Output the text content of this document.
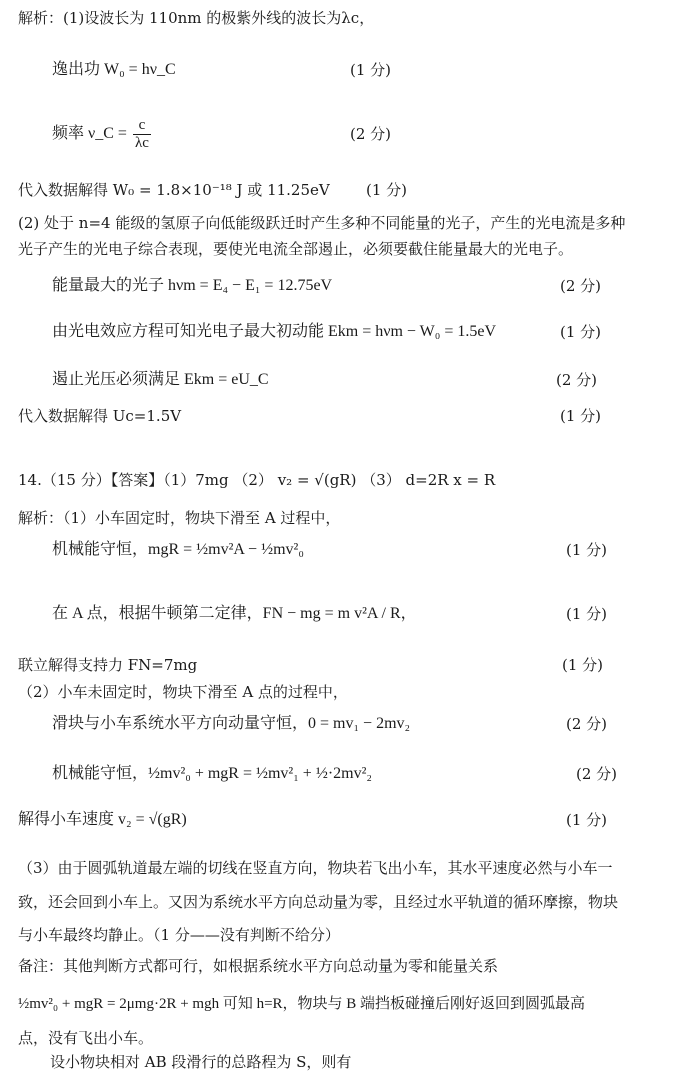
解析：(1)设波长为 110nm 的极紫外线的波长为λc，
逸出功 W₀ = hν_C	(1 分)
频率 ν_C = $\frac{c}{\lambda c}$	(2 分)
代入数据解得 W₀ = 1.8×10⁻¹⁸ J 或 11.25eV (1 分)
(2) 处于 n=4 能级的氢原子向低能级跃迁时产生多种不同能量的光子，产生的光电流是多种
光子产生的光电子综合表现，要使光电流全部遏止，必须要截住能量最大的光电子。
能量最大的光子 hνm = E₄ − E₁ = 12.75eV	(2 分)
由光电效应方程可知光电子最大初动能 Ekm = hνm − W₀ = 1.5eV	(1 分)
遏止光压必须满足 Ekm = eU_C	(2 分)
代入数据解得 Uc=1.5V	(1 分)
14.（15 分）【答案】（1）7mg （2） v₂ = √(gR) （3） d=2R x = R
解析：（1）小车固定时，物块下滑至 A 过程中，
机械能守恒，mgR = ½mv²A − ½mv²₀	(1 分)
在 A 点，根据牛顿第二定律，FN − mg = m v²A / R，	(1 分)
联立解得支持力 FN=7mg	(1 分)
（2）小车未固定时，物块下滑至 A 点的过程中，
滑块与小车系统水平方向动量守恒，0 = mv₁ − 2mv₂	(2 分)
机械能守恒，½mv²₀ + mgR = ½mv²₁ + ½·2mv²₂	(2 分)
解得小车速度 v₂ = √(gR)	(1 分)
（3）由于圆弧轨道最左端的切线在竖直方向，物块若飞出小车，其水平速度必然与小车一
致，还会回到小车上。又因为系统水平方向总动量为零，且经过水平轨道的循环摩擦，物块
与小车最终均静止。（1 分——没有判断不给分）
备注：其他判断方式都可行，如根据系统水平方向总动量为零和能量关系
½mv²₀ + mgR = 2μmg·2R + mgh 可知 h=R，物块与 B 端挡板碰撞后刚好返回到圆弧最高
点，没有飞出小车。
设小物块相对 AB 段滑行的总路程为 S，则有
